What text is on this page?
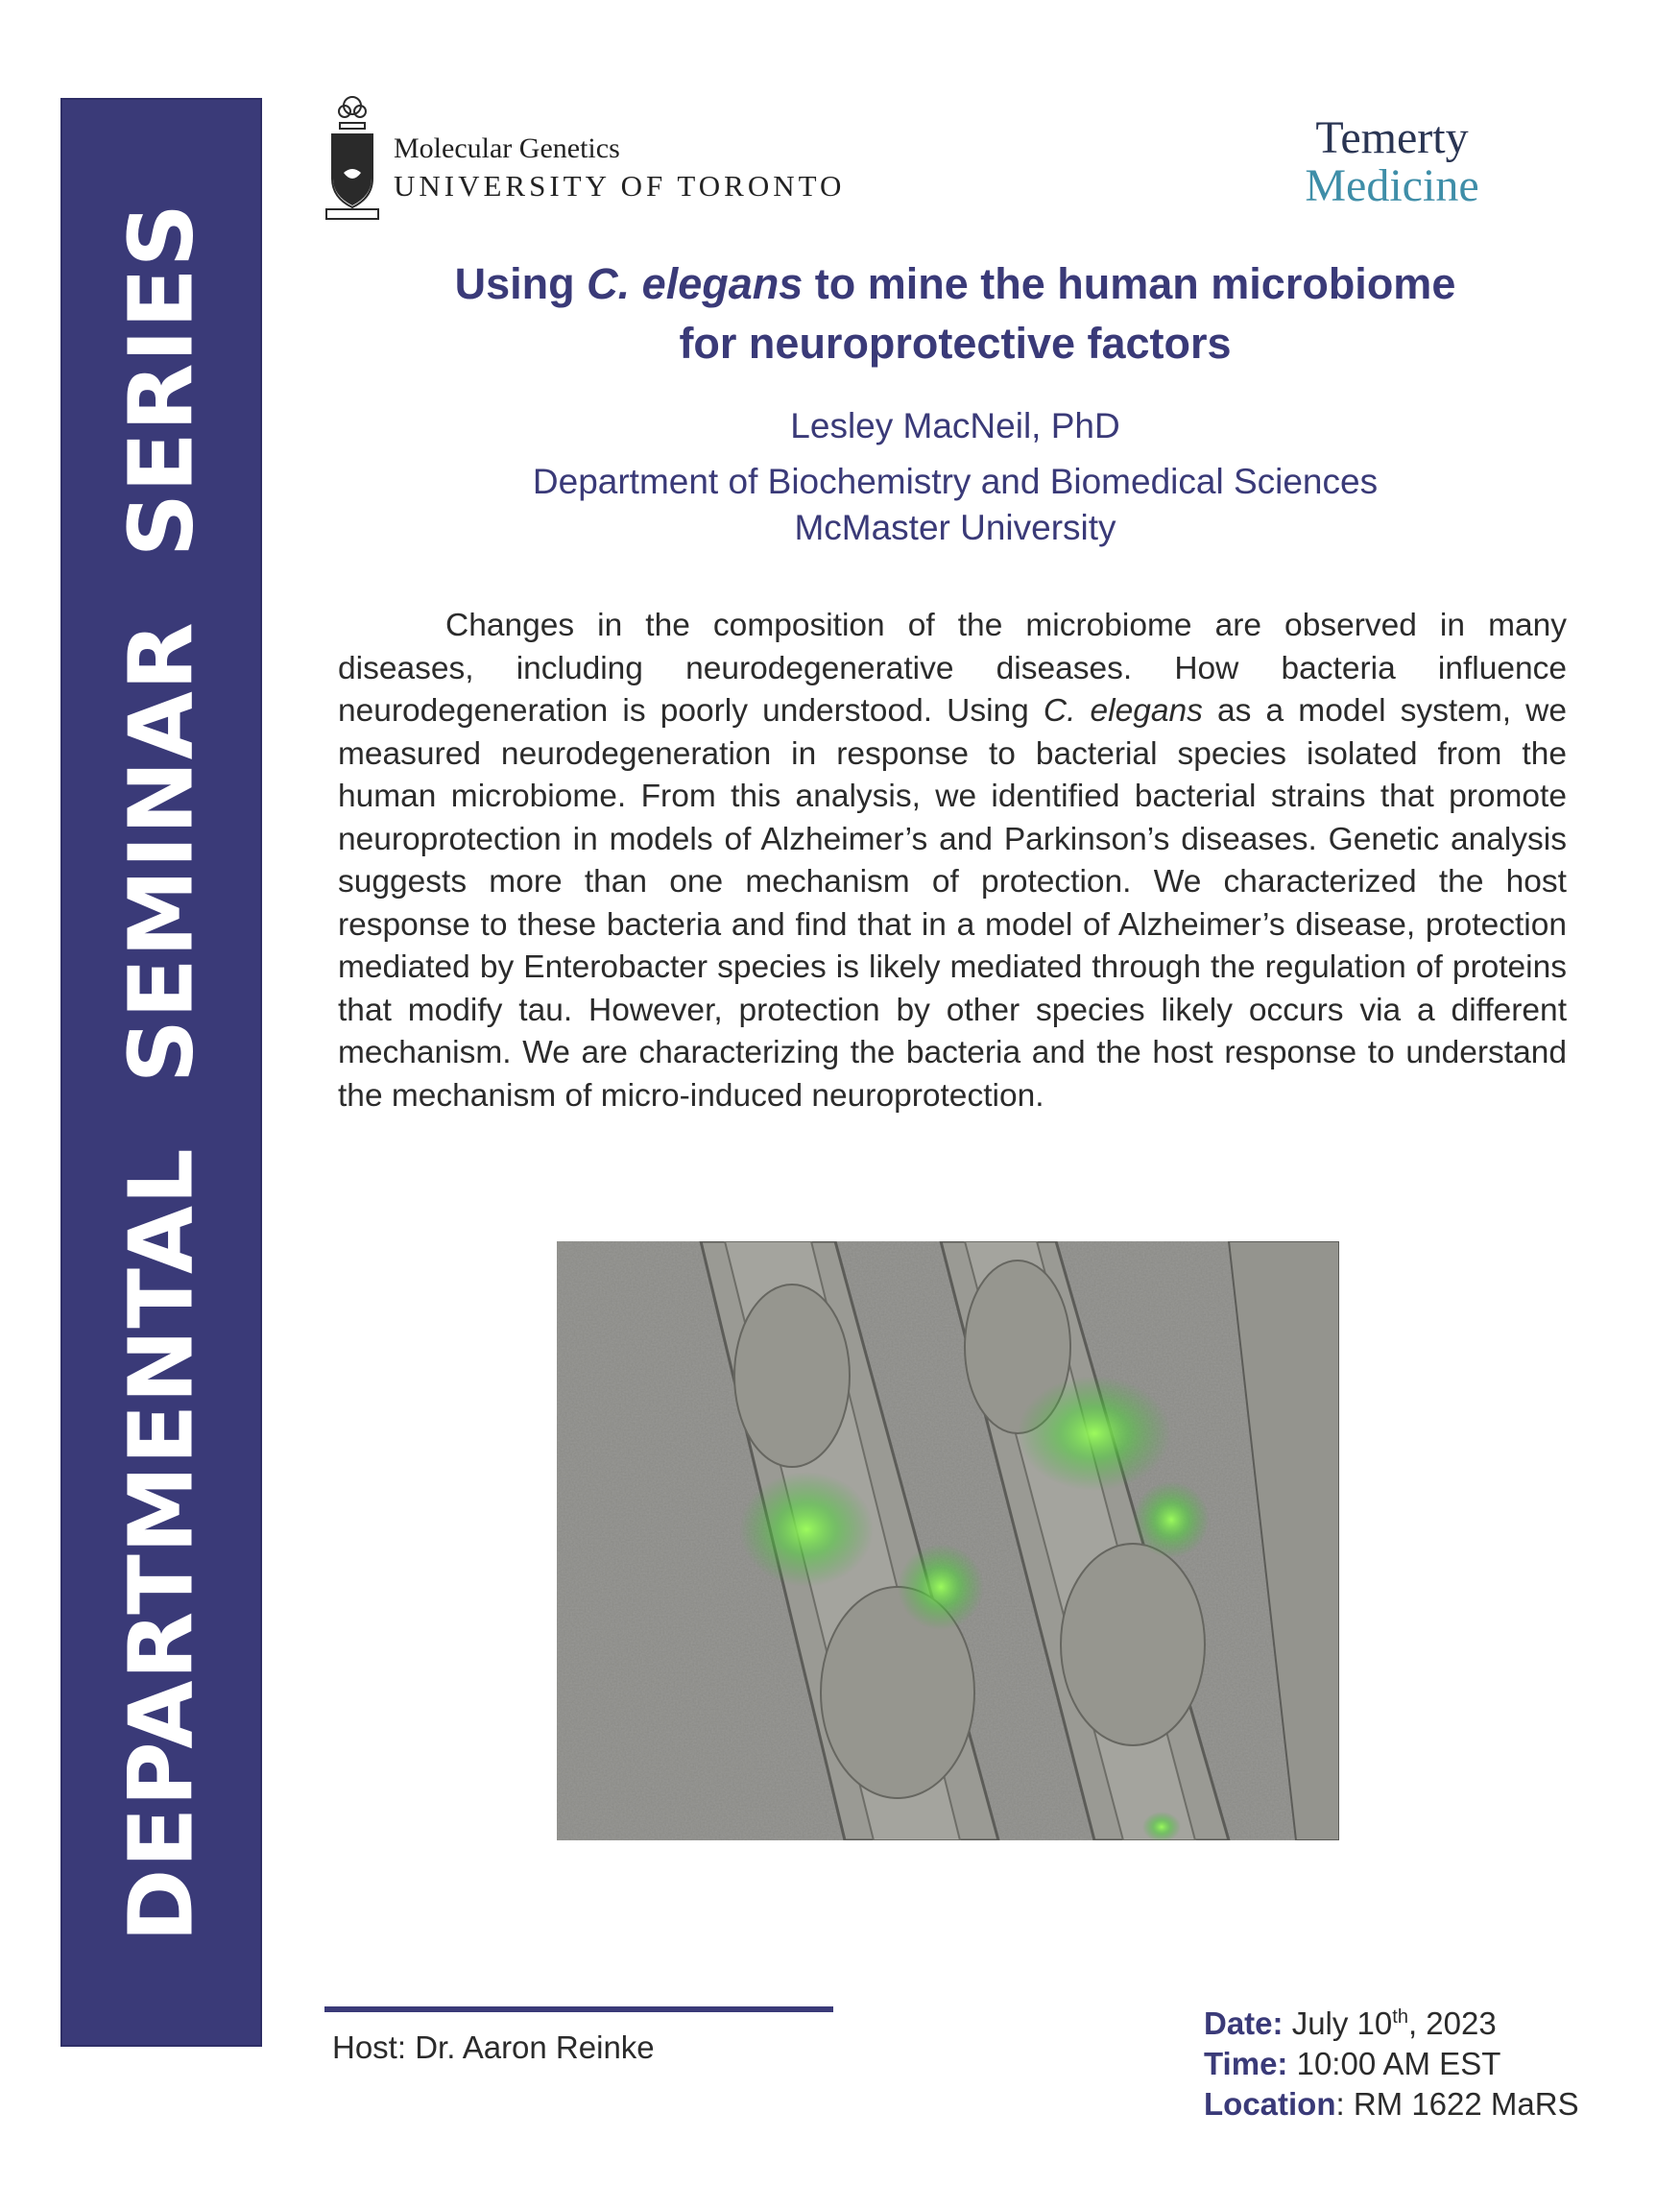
DEPARTMENTAL SEMINAR SERIES
Molecular Genetics
UNIVERSITY OF TORONTO
Temerty
Medicine
Using C. elegans to mine the human microbiome
for neuroprotective factors
Lesley MacNeil, PhD
Department of Biochemistry and Biomedical Sciences
McMaster University
Changes in the composition of the microbiome are observed in many diseases, including neurodegenerative diseases. How bacteria influence neurodegeneration is poorly understood. Using C. elegans as a model system, we measured neurodegeneration in response to bacterial species isolated from the human microbiome. From this analysis, we identified bacterial strains that promote neuroprotection in models of Alzheimer’s and Parkinson’s diseases. Genetic analysis suggests more than one mechanism of protection. We characterized the host response to these bacteria and find that in a model of Alzheimer’s disease, protection mediated by Enterobacter species is likely mediated through the regulation of proteins that modify tau. However, protection by other species likely occurs via a different mechanism. We are characterizing the bacteria and the host response to understand the mechanism of micro-induced neuroprotection.
Host: Dr. Aaron Reinke
Date: July 10th, 2023
Time: 10:00 AM EST
Location: RM 1622 MaRS
